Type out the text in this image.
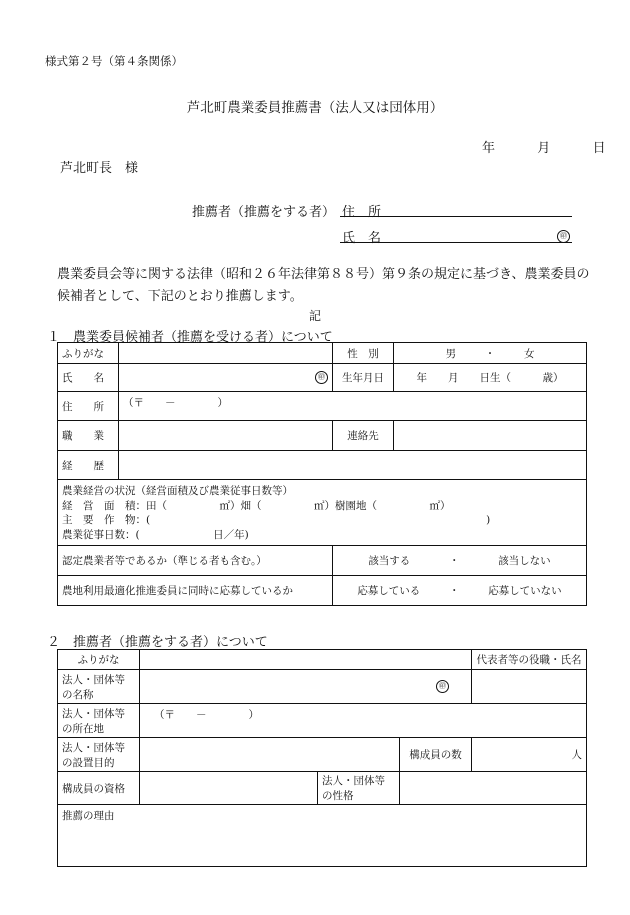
様式第２号（第４条関係）
芦北町農業委員推薦書（法人又は団体用）
年	月	日
芦北町長　様
推薦者（推薦をする者） 住　所
氏　名	㊞
農業委員会等に関する法律（昭和２６年法律第８８号）第９条の規定に基づき、農業委員の候補者として、下記のとおり推薦します。
記
１　農業委員候補者（推薦を受ける者）について
ふりがな		性　別	男 ・ 女
氏　　名	㊞	生年月日	年　　月　　日生（　　　歳）
住　　所	（〒　　－　　　　）		
職　　業		連絡先	
経　　歴			

農業経営の状況（経営面積及び農業従事日数等）
経　営　面　積：田（　　　　　㎡）畑（　　　　　㎡）樹園地（　　　　　㎡）
主　要　作　物：(　　　　　　　　　　　　　　　　　　　　　　　　　　　　　　　　)
農業従事日数：(　　　　　　　日／年)			

認定農業者等であるか（準じる者も含む。）		該当する ・ 該当しない	
農地利用最適化推進委員に同時に応募しているか		応募している ・ 応募していない	
２　推薦者（推薦をする者）について
ふりがな				代表者等の役職・氏名
法人・団体等の名称	㊞			
法人・団体等の所在地	（〒　　－　　　　）			
法人・団体等の設置目的			構成員の数	人
構成員の資格		法人・団体等の性格		
推薦の理由				
